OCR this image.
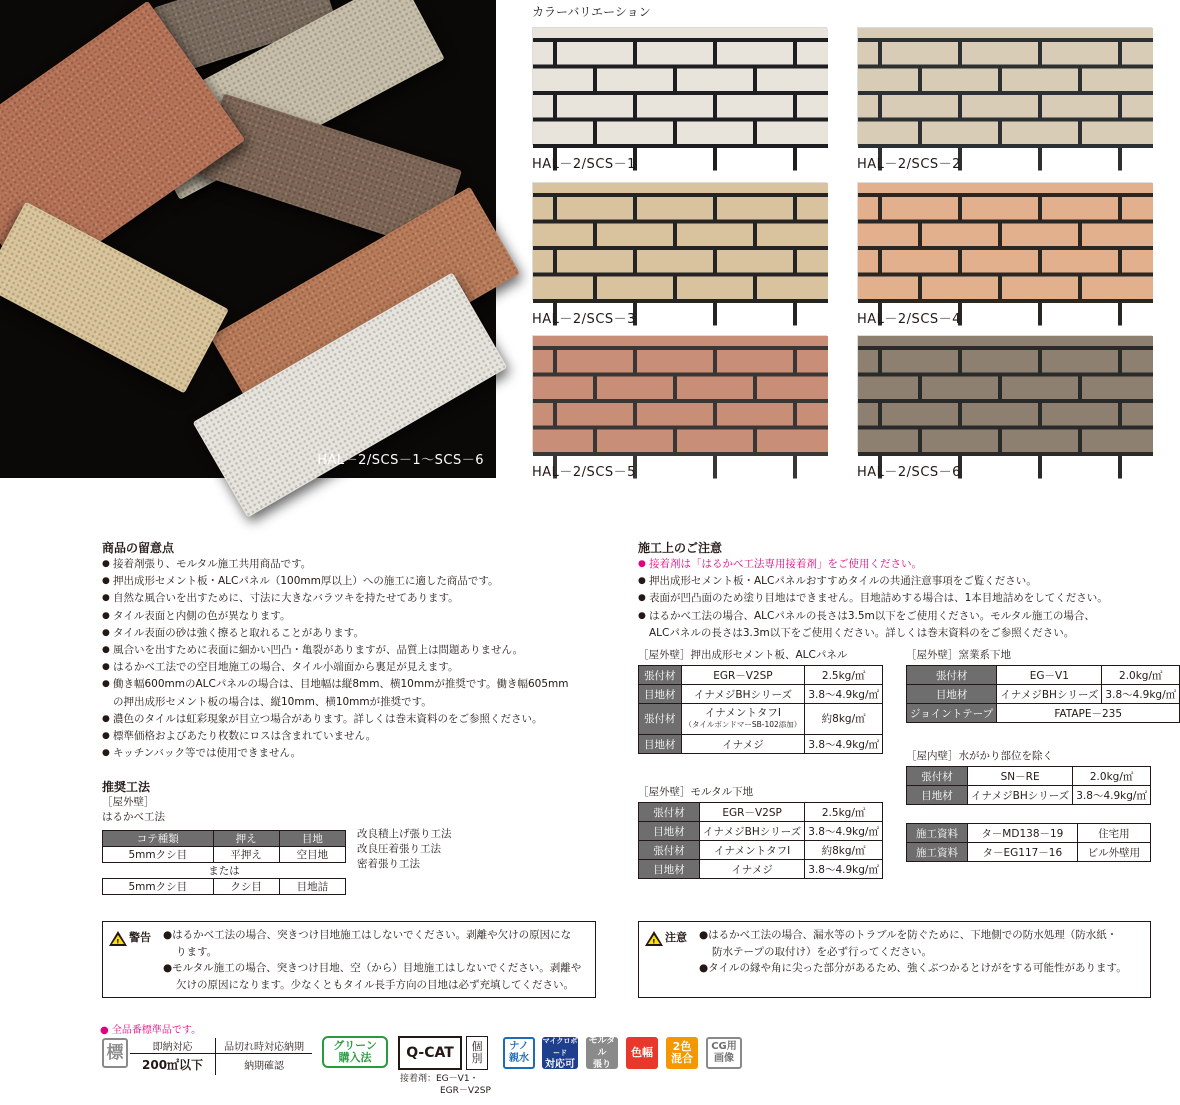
HAL－2/SCS－1～SCS－6
カラーバリエーション
HAL－2/SCS－1	HAL－2/SCS－2
HAL－2/SCS－3	HAL－2/SCS－4
HAL－2/SCS－5	HAL－2/SCS－6
商品の留意点
● 接着剤張り、モルタル施工共用商品です。
● 押出成形セメント板・ALCパネル（100mm厚以上）への施工に適した商品です。
● 自然な風合いを出すために、寸法に大きなバラツキを持たせてあります。
● タイル表面と内側の色が異なります。
● タイル表面の砂は強く擦ると取れることがあります。
● 風合いを出すために表面に細かい凹凸・亀裂がありますが、品質上は問題ありません。
● はるかべ工法での空目地施工の場合、タイル小端面から裏足が見えます。
● 働き幅600mmのALCパネルの場合は、目地幅は縦8mm、横10mmが推奨です。働き幅605mm
の押出成形セメント板の場合は、縦10mm、横10mmが推奨です。
● 濃色のタイルは虹彩現象が目立つ場合があります。詳しくは巻末資料のをご参照ください。
● 標準価格およびあたり枚数にロスは含まれていません。
● キッチンバック等では使用できません。
推奨工法
［屋外壁］
はるかべ工法
コテ種類	押え	目地
5mmクシ目	平押え	空目地
または		
5mmクシ目	クシ目	目地詰
改良積上げ張り工法
改良圧着張り工法
密着張り工法
施工上のご注意
● 接着剤は「はるかべ工法専用接着剤」をご使用ください。
● 押出成形セメント板・ALCパネルおすすめタイルの共通注意事項をご覧ください。
● 表面が凹凸面のため塗り目地はできません。目地詰めする場合は、1本目地詰めをしてください。
● はるかべ工法の場合、ALCパネルの長さは3.5m以下をご使用ください。モルタル施工の場合、
ALCパネルの長さは3.3m以下をご使用ください。詳しくは巻末資料のをご参照ください。
［屋外壁］押出成形セメント板、ALCパネル
張付材	EGR－V2SP	2.5kg/㎡
目地材	イナメジBHシリーズ	3.8～4.9kg/㎡
張付材	イナメントタフⅠ
（タイルボンドマーSB-102添加）	約8kg/㎡
目地材	イナメジ	3.8～4.9kg/㎡
［屋外壁］モルタル下地
張付材	EGR－V2SP	2.5kg/㎡
目地材	イナメジBHシリーズ	3.8～4.9kg/㎡
張付材	イナメントタフⅠ	約8kg/㎡
目地材	イナメジ	3.8～4.9kg/㎡
［屋外壁］窯業系下地
張付材	EG－V1	2.0kg/㎡
目地材	イナメジBHシリーズ	3.8～4.9kg/㎡
ジョイントテープ	FATAPE－235	
［屋内壁］水がかり部位を除く
張付材	SN－RE	2.0kg/㎡
目地材	イナメジBHシリーズ	3.8～4.9kg/㎡
施工資料	タ－MD138－19	住宅用
施工資料	タ－EG117－16	ビル外壁用
! 警告 ●はるかべ工法の場合、突きつけ目地施工はしないでください。剥離や欠けの原因にな
ります。
●モルタル施工の場合、突きつけ目地、空（から）目地施工はしないでください。剥離や
欠けの原因になります。少なくともタイル長手方向の目地は必ず充填してください。
! 注意 ●はるかべ工法の場合、漏水等のトラブルを防ぐために、下地側での防水処理（防水紙・
防水テープの取付け）を必ず行ってください。
●タイルの縁や角に尖った部分があるため、強くぶつかるとけがをする可能性があります。
● 全品番標準品です。
標	即納対応	品切れ時対応納期
200㎡以下	納期確認
グリーン
購入法 Q-CAT 個
別
ナノ
親水
マイクロボード
対応可
モルタル
張り
色幅	2色
混合
CG用
画像
接着剤：EG－V1・
EGR－V2SP
